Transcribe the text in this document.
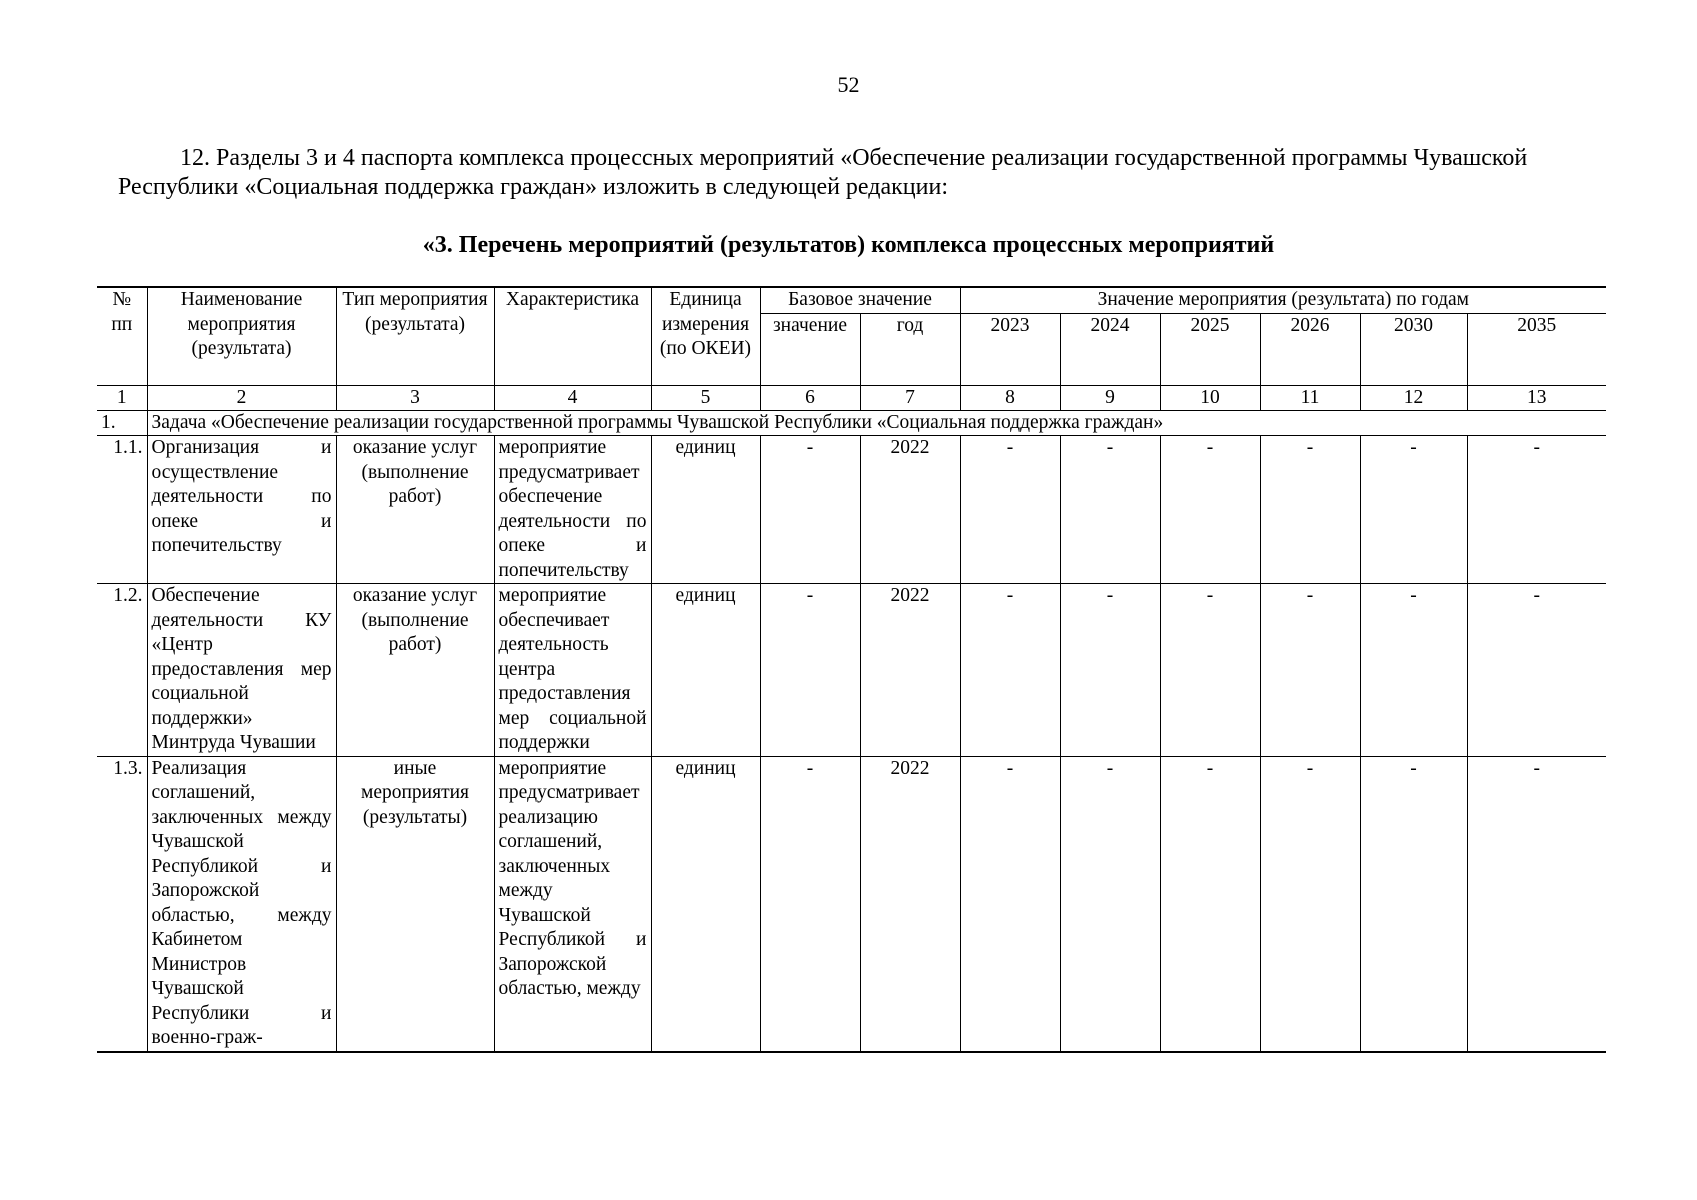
52

12. Разделы 3 и 4 паспорта комплекса процессных мероприятий «Обеспечение реализации государственной программы Чувашской Республики «Социальная поддержка граждан» изложить в следующей редакции:

«3. Перечень мероприятий (результатов) комплекса процессных мероприятий
№ пп	Наименование мероприятия (результата)	Тип мероприятия (результата)	Характеристика	Единица измерения (по ОКЕИ)	Базовое значение		Значение мероприятия (результата) по годам					
					значение	год	2023	2024	2025	2026	2030	2035
1	2	3	4	5	6	7	8	9	10	11	12	13
1.	Задача «Обеспечение реализации государственной программы Чувашской Республики «Социальная поддержка граждан»											
1.1.	Организация и осуществление деятельности по опеке и попечительству	оказание услуг (выполнение работ)	мероприятие предусматривает обеспечение деятельности по опеке и попечительству	единиц	-	2022	-	-	-	-	-	-
1.2.	Обеспечение деятельности КУ «Центр предоставления мер социальной поддержки» Минтруда Чувашии	оказание услуг (выполнение работ)	мероприятие обеспечивает деятельность центра предоставления мер социальной поддержки	единиц	-	2022	-	-	-	-	-	-
1.3.	Реализация соглашений, заключенных между Чувашской Республикой и Запорожской областью, между Кабинетом Министров Чувашской Республики и военно-граж-	иные мероприятия (результаты)	мероприятие предусматривает реализацию соглашений, заключенных между Чувашской Республикой и Запорожской областью, между	единиц	-	2022	-	-	-	-	-	-
